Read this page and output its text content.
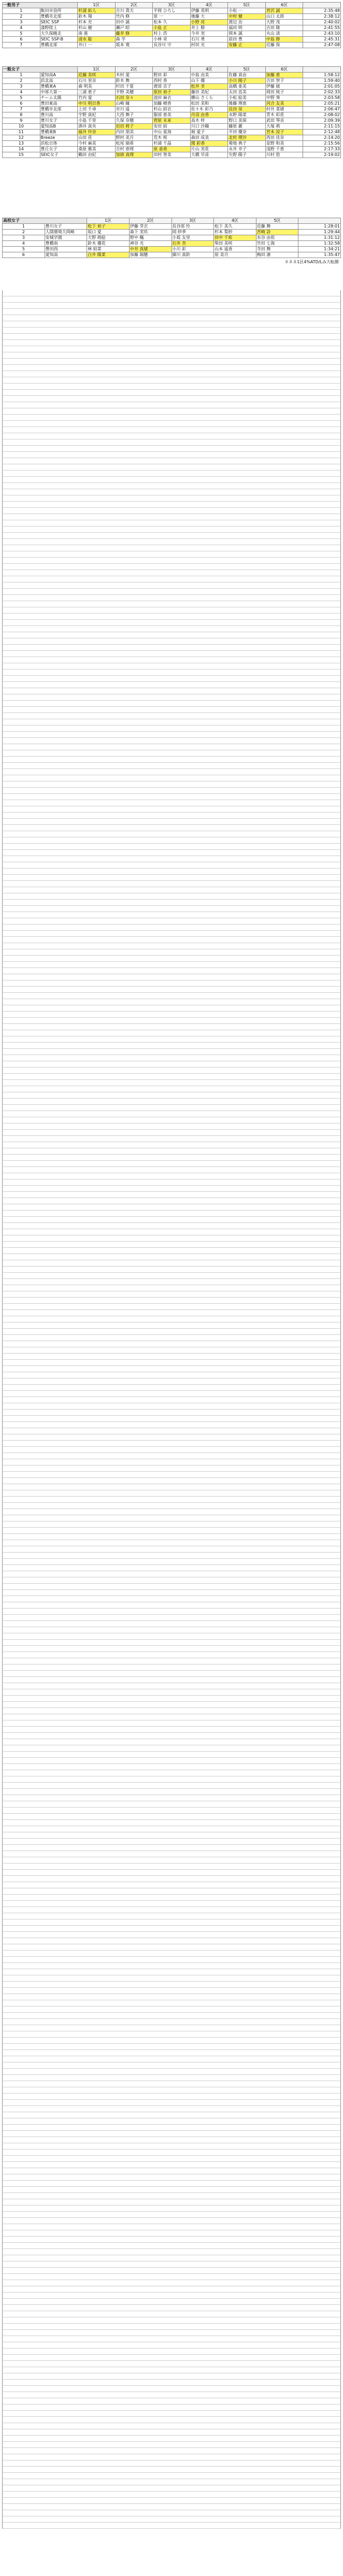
一般男子		1区	2区	3区	4区	5区	6区	
1	飯田市役所	杉浦 拓人	吉川 貴夫	平岡 ひろし	伊藤 英明	小松 一	宮沢 誠	2:35:48
2	豊橋市北部	鈴木 翔	竹内 修	原 一	後藤 大	中村 健	山口 太郎	2:38:12
3	SEIC SSP	杉本 充	田中 誠	松本 久	小野 亮	渡辺 治	大野 茂	2:40:02
4	漆野陸上	杉山 健	瀬戸 昭	小島 正	井上 勝	福田 明	吉田 隆	2:41:55
5	大久保暁走	南 進	藤井 修	村上 浩	今井 実	岡本 誠	丸山 清	2:43:10
6	SEIC SSP-B	清水 聡	森 学	小林 栄	石川 勇	前田 豊	中島 修	2:45:31
7	豊橋北部	井口 一	坂本 寛	長谷川 守	村田 光	安藤 正	近藤 保	2:47:08
一般女子		1区	2区	3区	4区	5区	6区	
1	愛知高A	近藤 美咲	木村 愛	野田 彩	中島 由美	佐藤 真由	加藤 恵	1:58:12
2	浜北高	石川 里奈	鈴木 舞	西村 香	山下 優	小川 陽子	吉田 智子	1:59:40
3	豊橋東A	森 明美	杉田 千夏	渡部 京子	松井 幸	高橋 亜美	伊藤 綾	2:01:05
4	中部大第一	三浦 恵子	平野 美穂	原田 裕子	藤田 美紀	太田 直美	岡田 純子	2:02:33
5	チーム太陽	竹内 愛	石田 奈々	池田 麻衣	横山 さくら	小松 絵美	中野 葵	2:03:58
6	豊田東高	中川 明日香	山崎 瞳	加藤 晴香	松田 美和	後藤 理恵	河合 友美	2:05:21
7	豊橋市北部	上田 千尋	市川 遥	杉山 結衣	佐々木 彩乃	長田 栞	村井 菜緒	2:06:47
8	豊川高	宇野 真紀	大西 舞子	服部 恵美	丹羽 由香	水野 陽菜	青木 彩花	2:08:02
9	豊川女子	小島 千里	久保 奈穂	菅原 未来	高木 梓	野口 美保	武田 琴音	2:09:39
10	愛知高B	酒井 真央	岩田 莉子	安田 結	川口 沙織	藤原 麗	大塚 萌	2:11:15
11	豊橋東B	福井 玲奈	内田 朋美	中山 夏海	堀 愛子	平田 優奈	宮本 涼子	2:12:48
12	Breeze	山田 花	野村 美月	荒木 桜	森田 成美	北村 理沙	西田 佳奈	2:14:20
13	浜松日体	今村 麻美	松尾 瑞希	杉浦 千晶	関 彩香	菊地 典子	星野 和美	2:15:56
14	豊丘女子	桑原 雅美	吉村 恵理	原 亜希	片山 実花	永井 幸子	浅野 千恵	2:17:33
15	SEIC女子	鶴田 由紀	加納 真理	田村 智美	大橋 早苗	矢野 陽子	川村 悠	2:19:02
高校女子		1区	2区	3区	4区	5区	
1	豊川女子	松下 裕子	伊藤 芽衣	長谷部 怜	松下 美久	近藤 舞	1:28:01
2	人間環境大岡崎	坂口 愛	森下 実玖	岡 紗季	杉本 梨紗	宮崎 詩	1:29:44
3	安城学園	大野 萌絵	野中 楓	小坂 友里	田中 千紘	水谷 由依	1:31:12
4	豊橋南	鈴木 優花	神谷 光	石井 杏	柴田 美咲	竹田 七海	1:32:58
5	豊田西	林 結菜	中井 真緒	小川 彩	山本 遥香	寺田 舞	1:34:21
6	愛知高	白井 陽菜	加藤 瑞穂	細川 真鈴	原 美月	梅田 凛	1:35:47
ネネネ1区4%ATD/Lみ大転勝
